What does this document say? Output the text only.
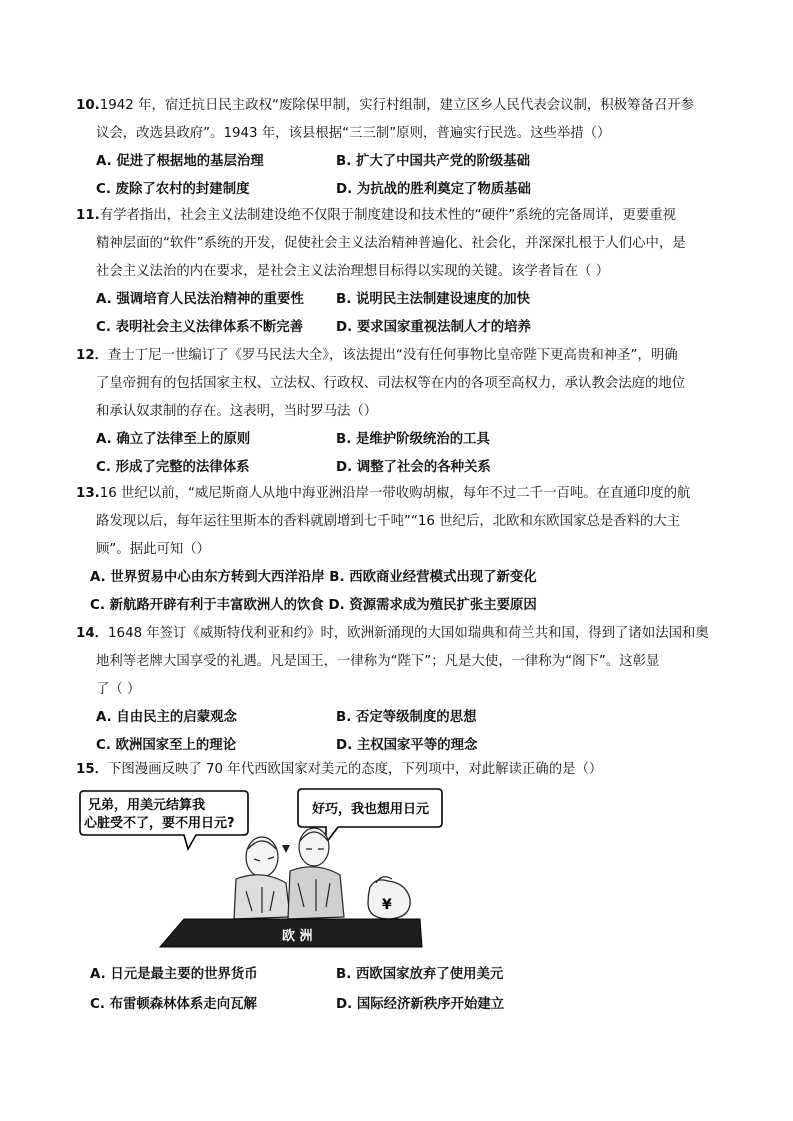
10.1942 年，宿迁抗日民主政权“废除保甲制，实行村组制，建立区乡人民代表会议制，积极筹备召开参
议会，改选县政府”。1943 年，该县根据“三三制”原则，普遍实行民选。这些举措（）

A. 促进了根据地的基层治理	B. 扩大了中国共产党的阶级基础
C. 废除了农村的封建制度	D. 为抗战的胜利奠定了物质基础

11.有学者指出，社会主义法制建设绝不仅限于制度建设和技术性的“硬件”系统的完备周详，更要重视
精神层面的“软件”系统的开发，促使社会主义法治精神普遍化、社会化，并深深扎根于人们心中，是
社会主义法治的内在要求，是社会主义法治理想目标得以实现的关键。该学者旨在（ ）

A. 强调培育人民法治精神的重要性	B. 说明民主法制建设速度的加快
C. 表明社会主义法律体系不断完善	D. 要求国家重视法制人才的培养

12．查士丁尼一世编订了《罗马民法大全》，该法提出“没有任何事物比皇帝陛下更高贵和神圣”，明确
了皇帝拥有的包括国家主权、立法权、行政权、司法权等在内的各项至高权力，承认教会法庭的地位
和承认奴隶制的存在。这表明，当时罗马法（）

A. 确立了法律至上的原则	B. 是维护阶级统治的工具
C. 形成了完整的法律体系	D. 调整了社会的各种关系

13.16 世纪以前，“威尼斯商人从地中海亚洲沿岸一带收购胡椒，每年不过二千一百吨。在直通印度的航
路发现以后，每年运往里斯本的香料就剧增到七千吨”“16 世纪后，北欧和东欧国家总是香料的大主
顾”。据此可知（）

A. 世界贸易中心由东方转到大西洋沿岸 B. 西欧商业经营模式出现了新变化
C. 新航路开辟有利于丰富欧洲人的饮食 D. 资源需求成为殖民扩张主要原因

14．1648 年签订《威斯特伐利亚和约》时，欧洲新涌现的大国如瑞典和荷兰共和国，得到了诸如法国和奥
地利等老牌大国享受的礼遇。凡是国王，一律称为“陛下”；凡是大使，一律称为“阁下”。这彰显
了（ ）

A. 自由民主的启蒙观念	B. 否定等级制度的思想
C. 欧洲国家至上的理论	D. 主权国家平等的理念

15．下图漫画反映了 70 年代西欧国家对美元的态度，下列项中，对此解读正确的是（）

兄弟，用美元结算我
心脏受不了，要不用日元?
好巧，我也想用日元
¥
欧 洲
A. 日元是最主要的世界货币	B. 西欧国家放弃了使用美元
C. 布雷顿森林体系走向瓦解	D. 国际经济新秩序开始建立
